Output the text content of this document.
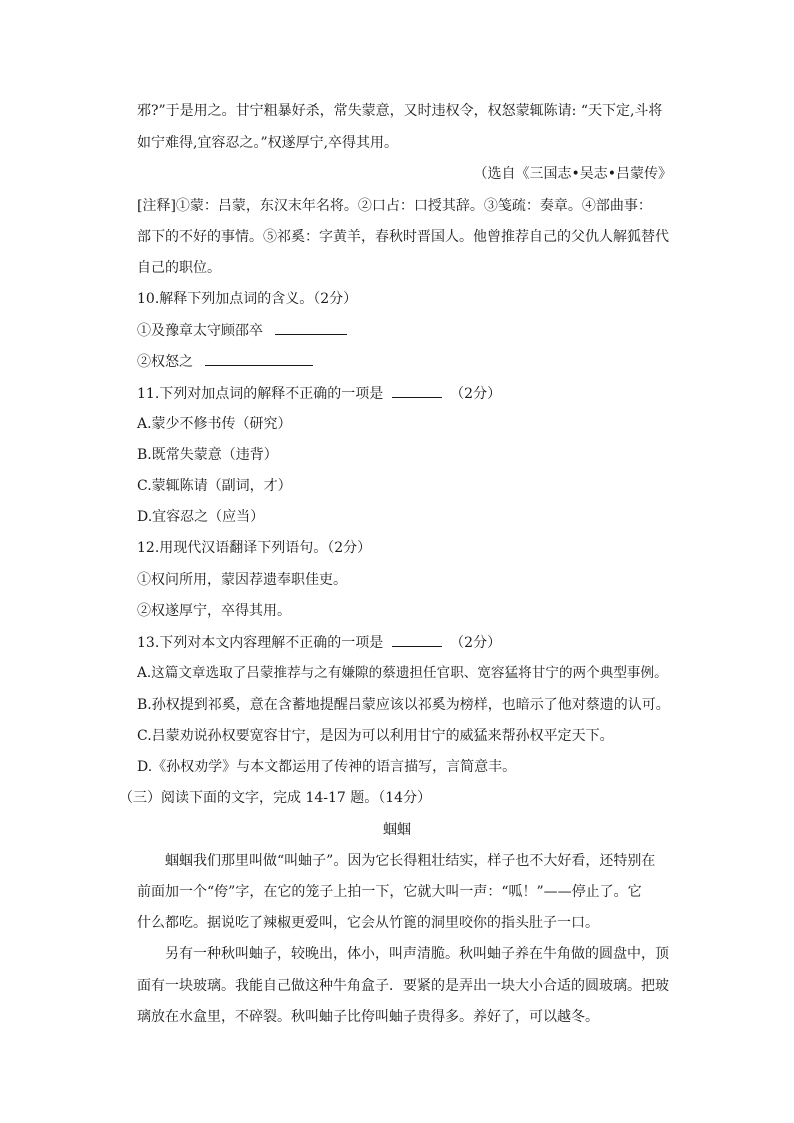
邪?”于是用之。甘宁粗暴好杀，常失蒙意，又时违权令，权怒蒙辄陈请: “天下定,斗将
如宁难得,宜容忍之。”权遂厚宁,卒得其用。
（选自《三国志•吴志•吕蒙传》
[注释]①蒙：吕蒙，东汉末年名将。②口占：口授其辞。③笺疏：奏章。④部曲事：
部下的不好的事情。⑤祁奚：字黄羊，春秋时晋国人。他曾推荐自己的父仇人解狐替代
自己的职位。
10.解释下列加点词的含义。（2分）
①及豫章太守顾邵卒
②权怒之
11.下列对加点词的解释不正确的一项是	（2分）
A.蒙少不修书传（研究）
B.既常失蒙意（违背）
C.蒙辄陈请（副词，才）
D.宜容忍之（应当）
12.用现代汉语翻译下列语句。（2分）
①权问所用，蒙因荐遗奉职佳吏。
②权遂厚宁，卒得其用。
13.下列对本文内容理解不正确的一项是	（2分）
A.这篇文章选取了吕蒙推荐与之有嫌隙的蔡遗担任官职、宽容猛将甘宁的两个典型事例。
B.孙权提到祁奚，意在含蓄地提醒吕蒙应该以祁奚为榜样，也暗示了他对蔡遗的认可。
C.吕蒙劝说孙权要宽容甘宁，是因为可以利用甘宁的威猛来帮孙权平定天下。
D.《孙权劝学》与本文都运用了传神的语言描写，言简意丰。
（三）阅读下面的文字，完成 14-17 题。（14分）
蝈蝈
蝈蝈我们那里叫做“叫蚰子”。因为它长得粗壮结实，样子也不大好看，还特别在
前面加一个“侉”字，在它的笼子上拍一下，它就大叫一声：“呱！”——停止了。它
什么都吃。据说吃了辣椒更爱叫，它会从竹篦的洞里咬你的指头肚子一口。
另有一种秋叫蚰子，较晚出，体小，叫声清脆。秋叫蚰子养在牛角做的圆盘中，顶
面有一块玻璃。我能自己做这种牛角盒子．要紧的是弄出一块大小合适的圆玻璃。把玻
璃放在水盒里，不碎裂。秋叫蚰子比侉叫蚰子贵得多。养好了，可以越冬。
